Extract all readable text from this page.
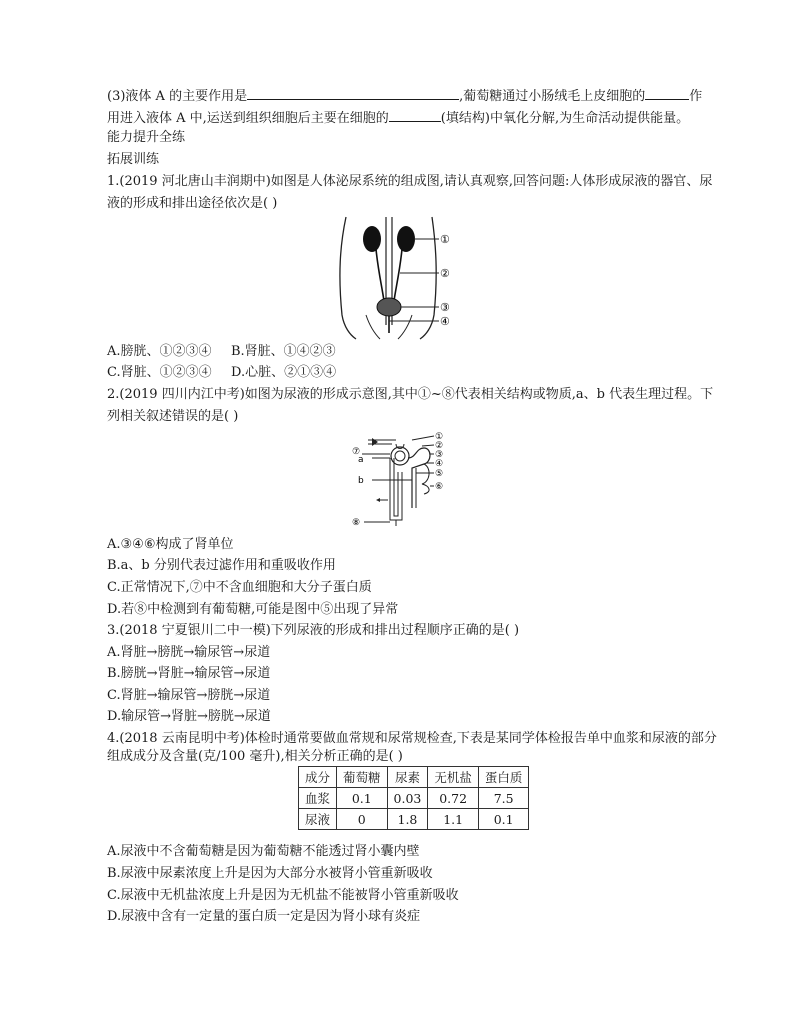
(3)液体 A 的主要作用是	,葡萄糖通过小肠绒毛上皮细胞的	作
用进入液体 A 中,运送到组织细胞后主要在细胞的	(填结构)中氧化分解,为生命活动提供能量。
能力提升全练
拓展训练
1.(2019 河北唐山丰润期中)如图是人体泌尿系统的组成图,请认真观察,回答问题:人体形成尿液的器官、尿
液的形成和排出途径依次是( )
①
②
③
④
A.膀胱、①②③④ B.肾脏、①④②③
C.肾脏、①②③④ D.心脏、②①③④
2.(2019 四川内江中考)如图为尿液的形成示意图,其中①~⑧代表相关结构或物质,a、b 代表生理过程。下
列相关叙述错误的是( )
①
②
③
④
⑤
⑥
⑦
⑧
a
b
A.③④⑥构成了肾单位
B.a、b 分别代表过滤作用和重吸收作用
C.正常情况下,⑦中不含血细胞和大分子蛋白质
D.若⑧中检测到有葡萄糖,可能是图中⑤出现了异常
3.(2018 宁夏银川二中一模)下列尿液的形成和排出过程顺序正确的是( )
A.肾脏→膀胱→输尿管→尿道
B.膀胱→肾脏→输尿管→尿道
C.肾脏→输尿管→膀胱→尿道
D.输尿管→肾脏→膀胱→尿道
4.(2018 云南昆明中考)体检时通常要做血常规和尿常规检查,下表是某同学体检报告单中血浆和尿液的部分
组成成分及含量(克/100 毫升),相关分析正确的是( )
成分	葡萄糖	尿素	无机盐	蛋白质
血浆	0.1	0.03	0.72	7.5
尿液	0	1.8	1.1	0.1
A.尿液中不含葡萄糖是因为葡萄糖不能透过肾小囊内壁
B.尿液中尿素浓度上升是因为大部分水被肾小管重新吸收
C.尿液中无机盐浓度上升是因为无机盐不能被肾小管重新吸收
D.尿液中含有一定量的蛋白质一定是因为肾小球有炎症
